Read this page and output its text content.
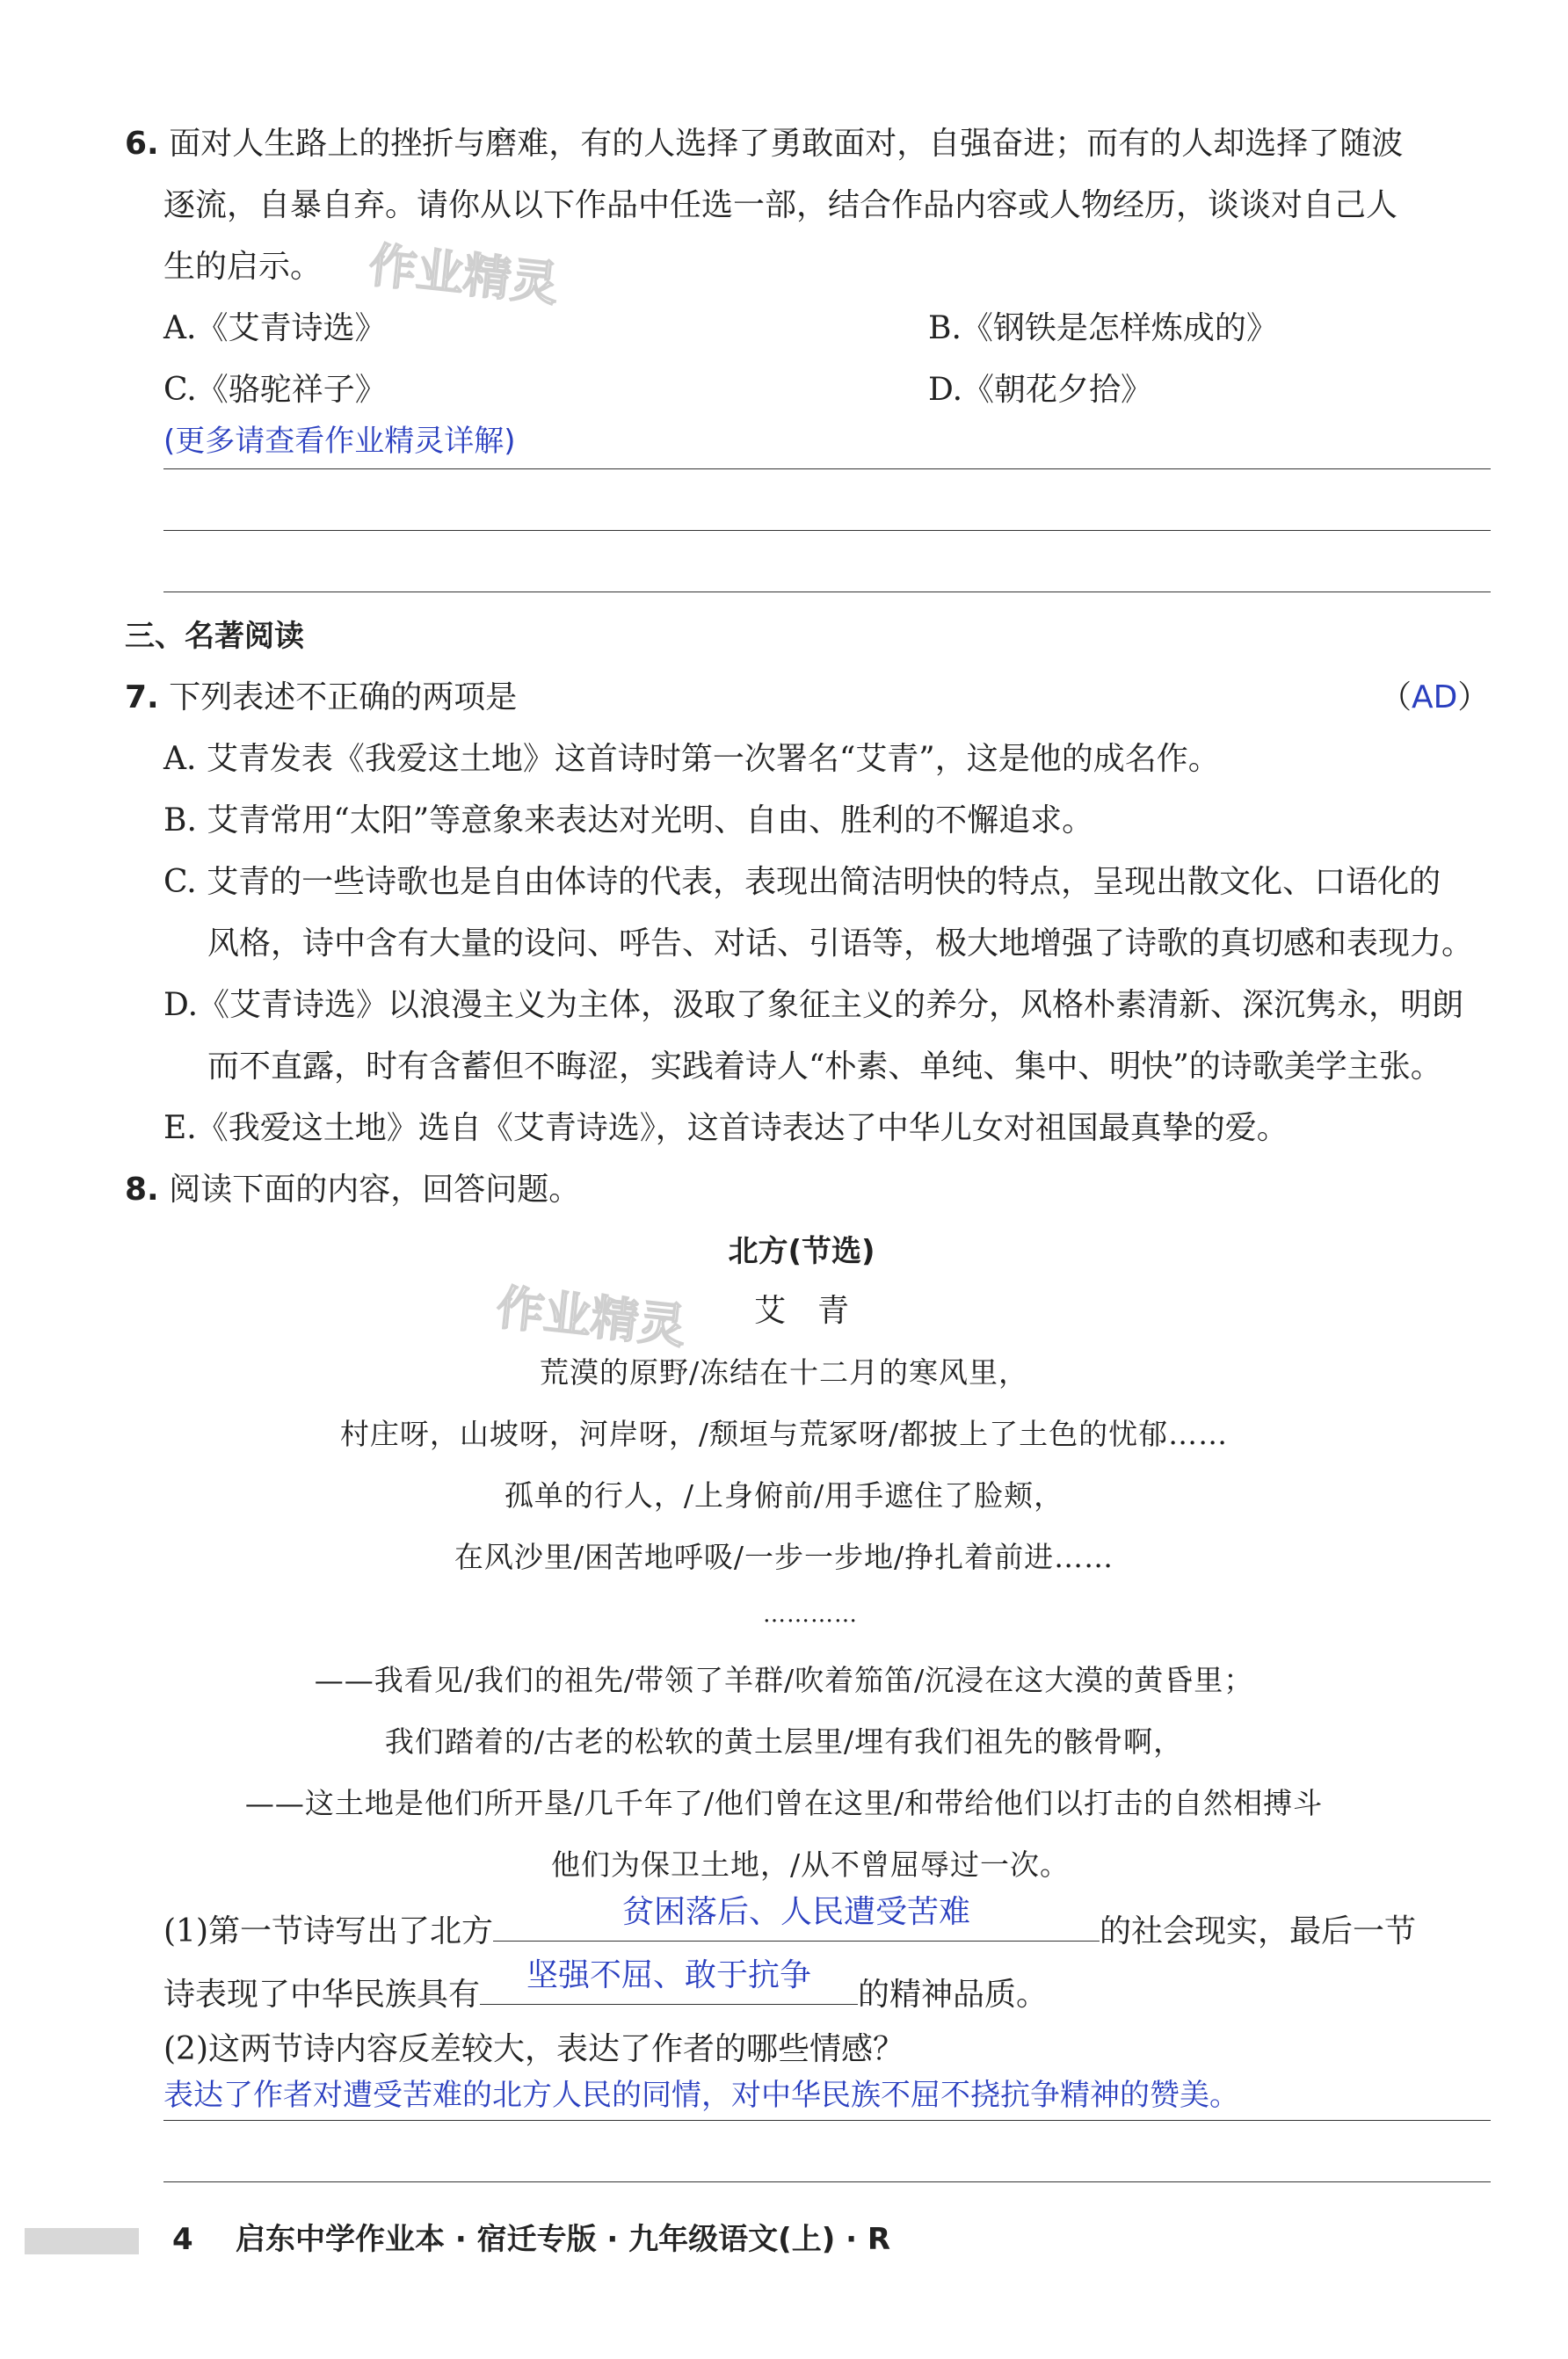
6. 面对人生路上的挫折与磨难，有的人选择了勇敢面对，自强奋进；而有的人却选择了随波
逐流，自暴自弃。请你从以下作品中任选一部，结合作品内容或人物经历，谈谈对自己人
生的启示。 作业精灵
A.《艾青诗选》	B.《钢铁是怎样炼成的》
C.《骆驼祥子》	D.《朝花夕拾》
(更多请查看作业精灵详解)
三、名著阅读
7. 下列表述不正确的两项是	（AD）
A. 艾青发表《我爱这土地》这首诗时第一次署名“艾青”，这是他的成名作。
B. 艾青常用“太阳”等意象来表达对光明、自由、胜利的不懈追求。
C. 艾青的一些诗歌也是自由体诗的代表，表现出简洁明快的特点，呈现出散文化、口语化的
风格，诗中含有大量的设问、呼告、对话、引语等，极大地增强了诗歌的真切感和表现力。
D.《艾青诗选》以浪漫主义为主体，汲取了象征主义的养分，风格朴素清新、深沉隽永，明朗
而不直露，时有含蓄但不晦涩，实践着诗人“朴素、单纯、集中、明快”的诗歌美学主张。
E.《我爱这土地》选自《艾青诗选》，这首诗表达了中华儿女对祖国最真挚的爱。
8. 阅读下面的内容，回答问题。
北方(节选)
作业精灵	艾　青
荒漠的原野/冻结在十二月的寒风里，
村庄呀，山坡呀，河岸呀，/颓垣与荒冢呀/都披上了土色的忧郁……
孤单的行人，/上身俯前/用手遮住了脸颊，
在风沙里/困苦地呼吸/一步一步地/挣扎着前进……
…………
——我看见/我们的祖先/带领了羊群/吹着笳笛/沉浸在这大漠的黄昏里；
我们踏着的/古老的松软的黄土层里/埋有我们祖先的骸骨啊，
——这土地是他们所开垦/几千年了/他们曾在这里/和带给他们以打击的自然相搏斗
他们为保卫土地，/从不曾屈辱过一次。
(1)第一节诗写出了北方
贫困落后、人民遭受苦难
的社会现实，最后一节
诗表现了中华民族具有
坚强不屈、敢于抗争
的精神品质。
(2)这两节诗内容反差较大，表达了作者的哪些情感？
表达了作者对遭受苦难的北方人民的同情，对中华民族不屈不挠抗争精神的赞美。
4 启东中学作业本 · 宿迁专版 · 九年级语文(上) · R
